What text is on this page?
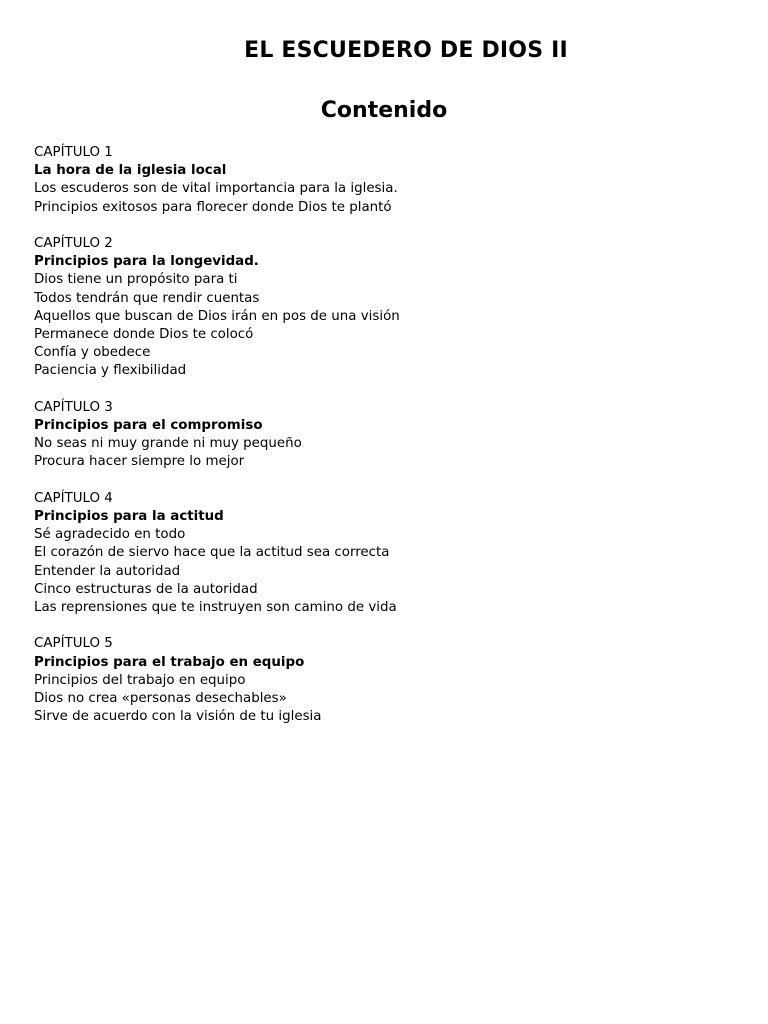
EL ESCUEDERO DE DIOS II
Contenido
CAPÍTULO 1
La hora de la iglesia local
Los escuderos son de vital importancia para la iglesia.
Principios exitosos para florecer donde Dios te plantó
CAPÍTULO 2
Principios para la longevidad.
Dios tiene un propósito para ti
Todos tendrán que rendir cuentas
Aquellos que buscan de Dios irán en pos de una visión
Permanece donde Dios te colocó
Confía y obedece
Paciencia y flexibilidad
CAPÍTULO 3
Principios para el compromiso
No seas ni muy grande ni muy pequeño
Procura hacer siempre lo mejor
CAPÍTULO 4
Principios para la actitud
Sé agradecido en todo
El corazón de siervo hace que la actitud sea correcta
Entender la autoridad
Cinco estructuras de la autoridad
Las reprensiones que te instruyen son camino de vida
CAPÍTULO 5
Principios para el trabajo en equipo
Principios del trabajo en equipo
Dios no crea «personas desechables»
Sirve de acuerdo con la visión de tu iglesia
